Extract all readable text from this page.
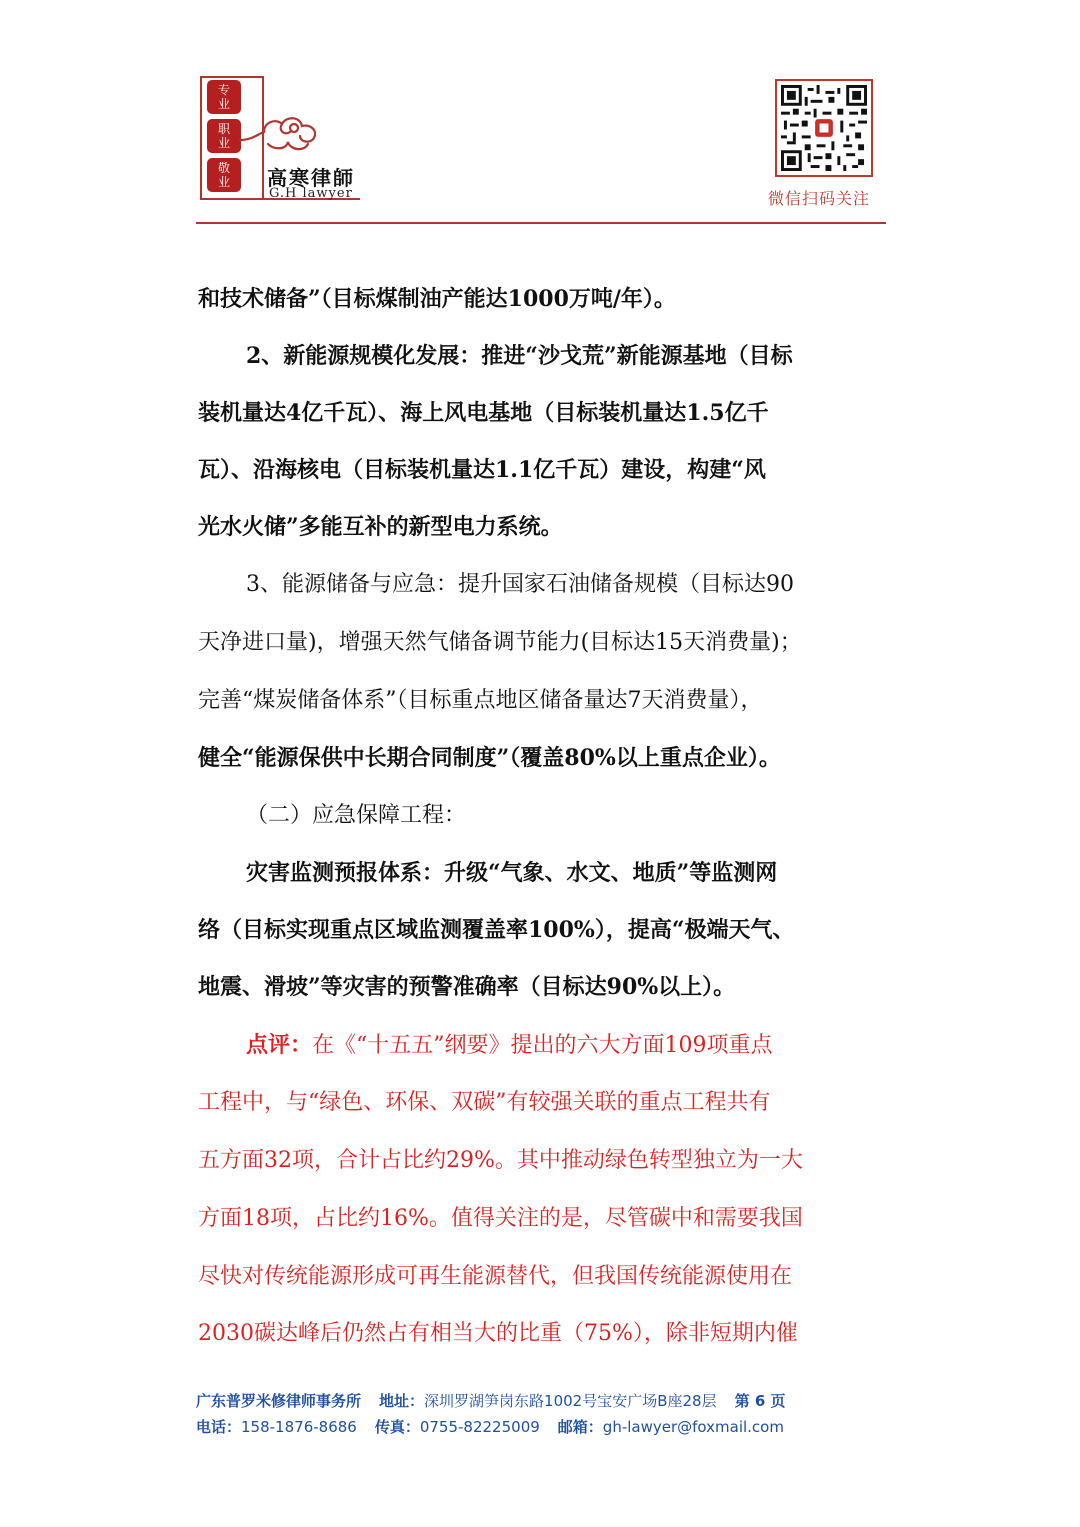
专
业
职
业
敬
业 高寒律師
G.H lawyer	微信扫码关注
和技术储备”（目标煤制油产能达1000万吨/年）。
2、新能源规模化发展：推进“沙戈荒”新能源基地（目标
装机量达4亿千瓦）、海上风电基地（目标装机量达1.5亿千
瓦）、沿海核电（目标装机量达1.1亿千瓦）建设，构建“风
光水火储”多能互补的新型电力系统。
3、能源储备与应急：提升国家石油储备规模（目标达90
天净进口量)，增强天然气储备调节能力(目标达15天消费量)；
完善“煤炭储备体系”（目标重点地区储备量达7天消费量），
健全“能源保供中长期合同制度”（覆盖80%以上重点企业）。
（二）应急保障工程：
灾害监测预报体系：升级“气象、水文、地质”等监测网
络（目标实现重点区域监测覆盖率100%），提高“极端天气、
地震、滑坡”等灾害的预警准确率（目标达90%以上）。
点评：在《“十五五”纲要》提出的六大方面109项重点
工程中，与“绿色、环保、双碳”有较强关联的重点工程共有
五方面32项，合计占比约29%。其中推动绿色转型独立为一大
方面18项，占比约16%。值得关注的是，尽管碳中和需要我国
尽快对传统能源形成可再生能源替代，但我国传统能源使用在
2030碳达峰后仍然占有相当大的比重（75%），除非短期内催
广东普罗米修律师事务所 地址：深圳罗湖笋岗东路1002号宝安广场B座28层 第 6 页
电话：158-1876-8686 传真：0755-82225009 邮箱：gh-lawyer@foxmail.com
